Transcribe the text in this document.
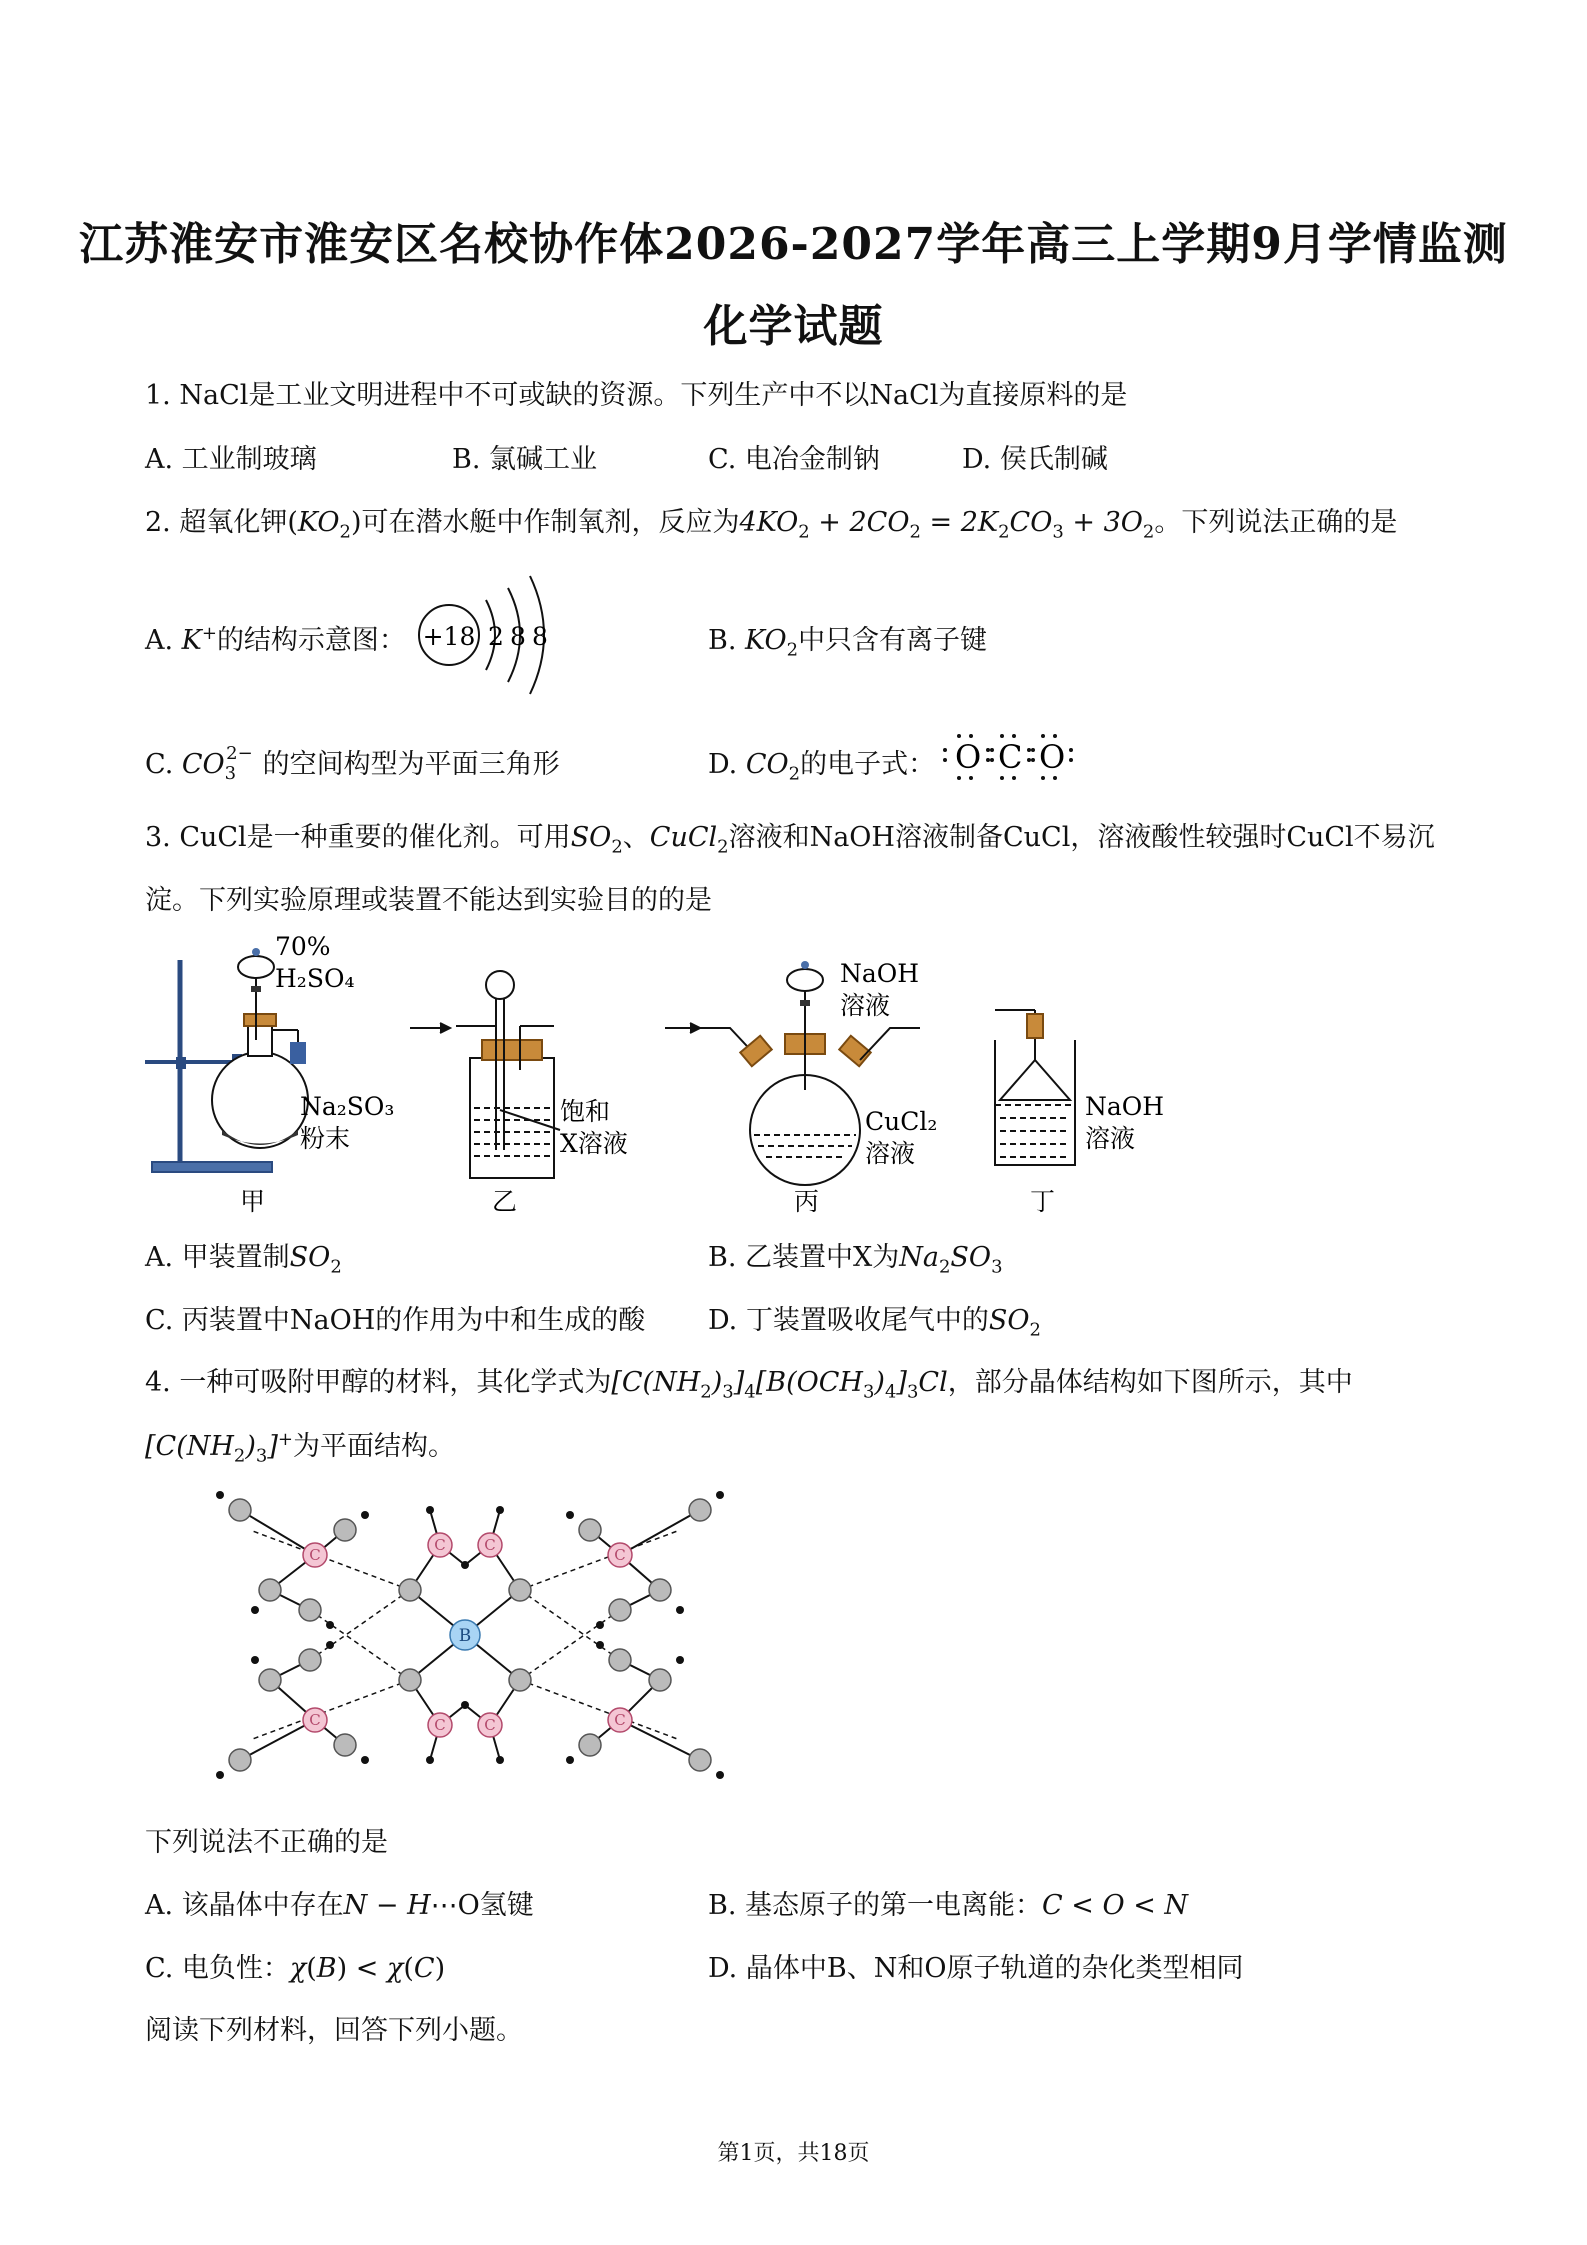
江苏淮安市淮安区名校协作体2026-2027学年高三上学期9月学情监测
化学试题
1. NaCl是工业文明进程中不可或缺的资源。下列生产中不以NaCl为直接原料的是
A. 工业制玻璃	B. 氯碱工业	C. 电冶金制钠	D. 侯氏制碱
2. 超氧化钾$(KO_2)$可在潜水艇中作制氧剂，反应为$4KO_2 + 2CO_2 = 2K_2CO_3 + 3O_2$。下列说法正确的是
A. K+的结构示意图： +18 2 8 8	B. $KO_2$中只含有离子键
C. $CO_3^{2-}$ 的空间构型为平面三角形	D. $CO_2$的电子式： O C O
3. CuCl是一种重要的催化剂。可用$SO_2$、CuCl$_2$溶液和NaOH溶液制备CuCl，溶液酸性较强时CuCl不易沉
淀。下列实验原理或装置不能达到实验目的的是
70%
H₂SO₄
Na₂SO₃
粉末
甲
饱和
X溶液
乙
NaOH
溶液
CuCl₂
溶液
丙
NaOH
溶液
丁
A. 甲装置制$SO_2$	B. 乙装置中X为$Na_2SO_3$
C. 丙装置中NaOH的作用为中和生成的酸 D. 丁装置吸收尾气中的$SO_2$
4. 一种可吸附甲醇的材料，其化学式为$[C(NH_2)_3]_4[B(OCH_3)_4]_3Cl$，部分晶体结构如下图所示，其中
$[C(NH_2)_3]^+$为平面结构。
C	C
C	C
C
C
C
C
B
下列说法不正确的是
A. 该晶体中存在N − H⋯O氢键	B. 基态原子的第一电离能：C < O < N
C. 电负性：χ(B) < χ(C)	D. 晶体中B、N和O原子轨道的杂化类型相同
阅读下列材料，回答下列小题。
第1页，共18页
